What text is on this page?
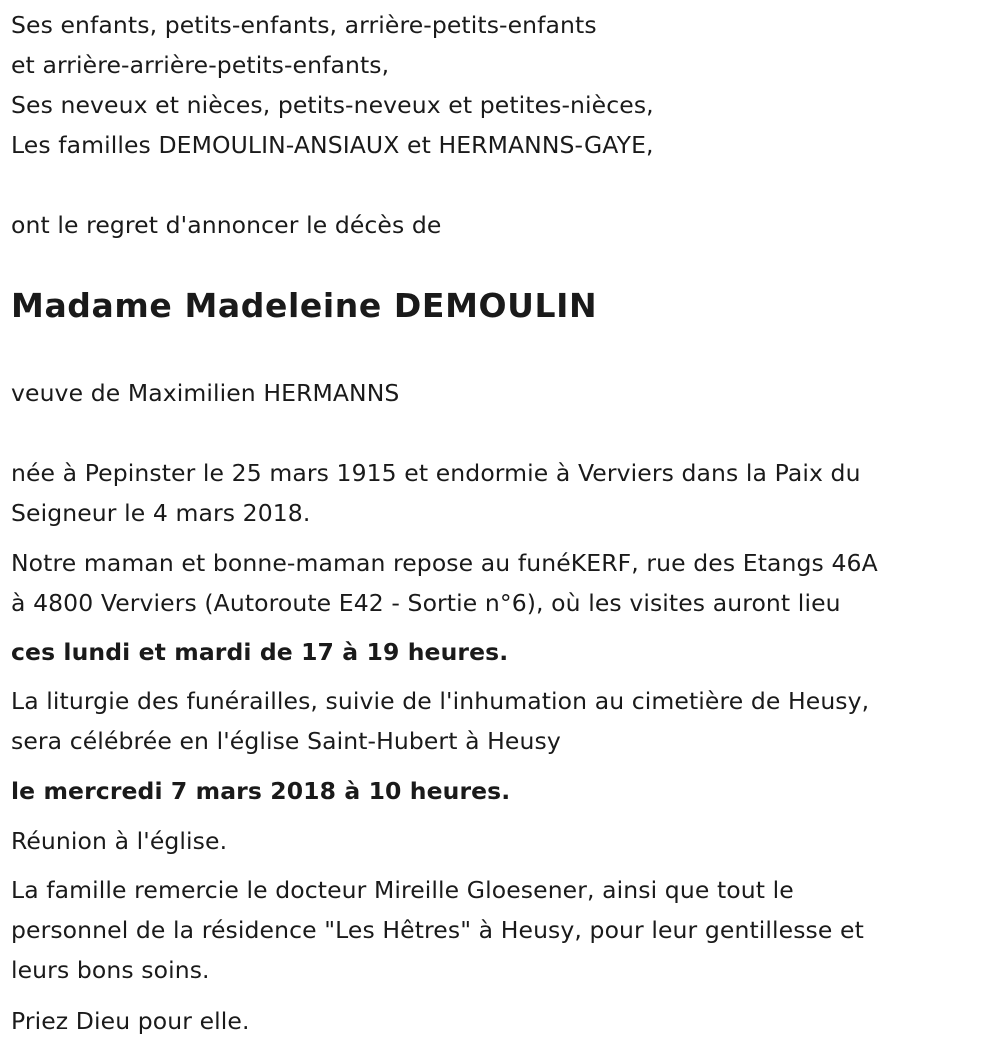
Ses enfants, petits-enfants, arrière-petits-enfants
et arrière-arrière-petits-enfants,
Ses neveux et nièces, petits-neveux et petites-nièces,
Les familles DEMOULIN-ANSIAUX et HERMANNS-GAYE,
ont le regret d'annoncer le décès de
Madame Madeleine DEMOULIN
veuve de Maximilien HERMANNS
née à Pepinster le 25 mars 1915 et endormie à Verviers dans la Paix du
Seigneur le 4 mars 2018.
Notre maman et bonne-maman repose au funéKERF, rue des Etangs 46A
à 4800 Verviers (Autoroute E42 - Sortie n°6), où les visites auront lieu
ces lundi et mardi de 17 à 19 heures.
La liturgie des funérailles, suivie de l'inhumation au cimetière de Heusy,
sera célébrée en l'église Saint-Hubert à Heusy
le mercredi 7 mars 2018 à 10 heures.
Réunion à l'église.
La famille remercie le docteur Mireille Gloesener, ainsi que tout le
personnel de la résidence "Les Hêtres" à Heusy, pour leur gentillesse et
leurs bons soins.
Priez Dieu pour elle.
